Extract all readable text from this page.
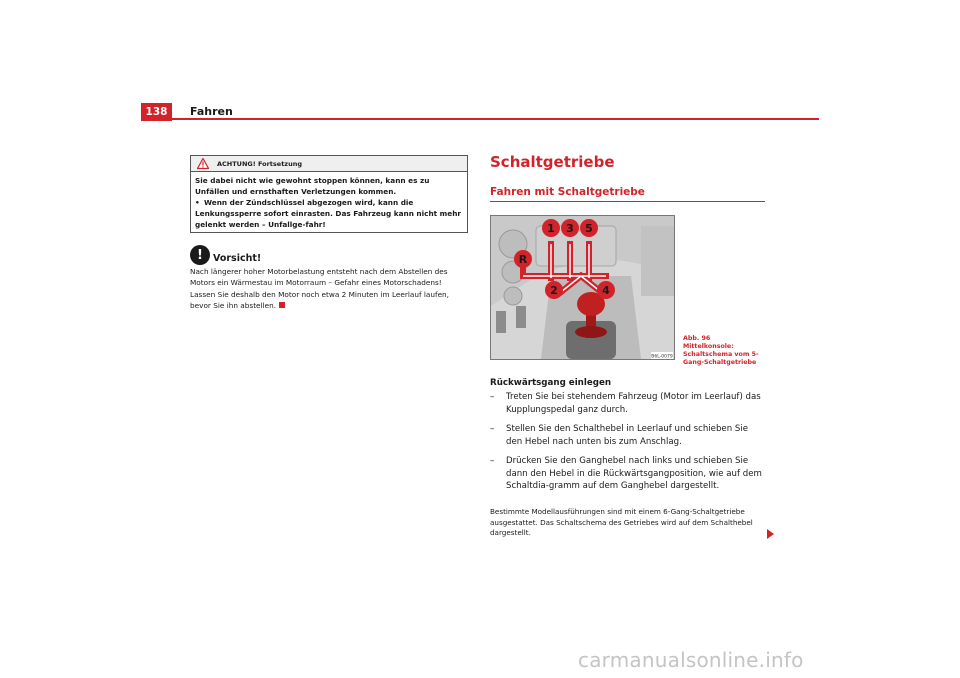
138	Fahren
ACHTUNG! Fortsetzung
Sie dabei nicht wie gewohnt stoppen können, kann es zu Unfällen und ernsthaften Verletzungen kommen.
• Wenn der Zündschlüssel abgezogen wird, kann die Lenkungssperre sofort einrasten. Das Fahrzeug kann nicht mehr gelenkt werden – Unfallge-fahr!
!	Vorsicht!
Nach längerer hoher Motorbelastung entsteht nach dem Abstellen des Motors ein Wärmestau im Motorraum – Gefahr eines Motorschadens! Lassen Sie deshalb den Motor noch etwa 2 Minuten im Leerlauf laufen, bevor Sie ihn abstellen.
Schaltgetriebe
Fahren mit Schaltgetriebe
1 3 5
R
2	4
B6L-0079
Abb. 96Mittelkonsole: Schaltschema vom 5-Gang-Schaltgetriebe
Rückwärtsgang einlegen
– Treten Sie bei stehendem Fahrzeug (Motor im Leerlauf) das Kupplungspedal ganz durch.
– Stellen Sie den Schalthebel in Leerlauf und schieben Sie den Hebel nach unten bis zum Anschlag.
– Drücken Sie den Ganghebel nach links und schieben Sie dann den Hebel in die Rückwärtsgangposition, wie auf dem Schaltdia-gramm auf dem Ganghebel dargestellt.
Bestimmte Modellausführungen sind mit einem 6-Gang-Schaltgetriebe ausgestattet. Das Schaltschema des Getriebes wird auf dem Schalthebel dargestellt.
carmanualsonline.info
